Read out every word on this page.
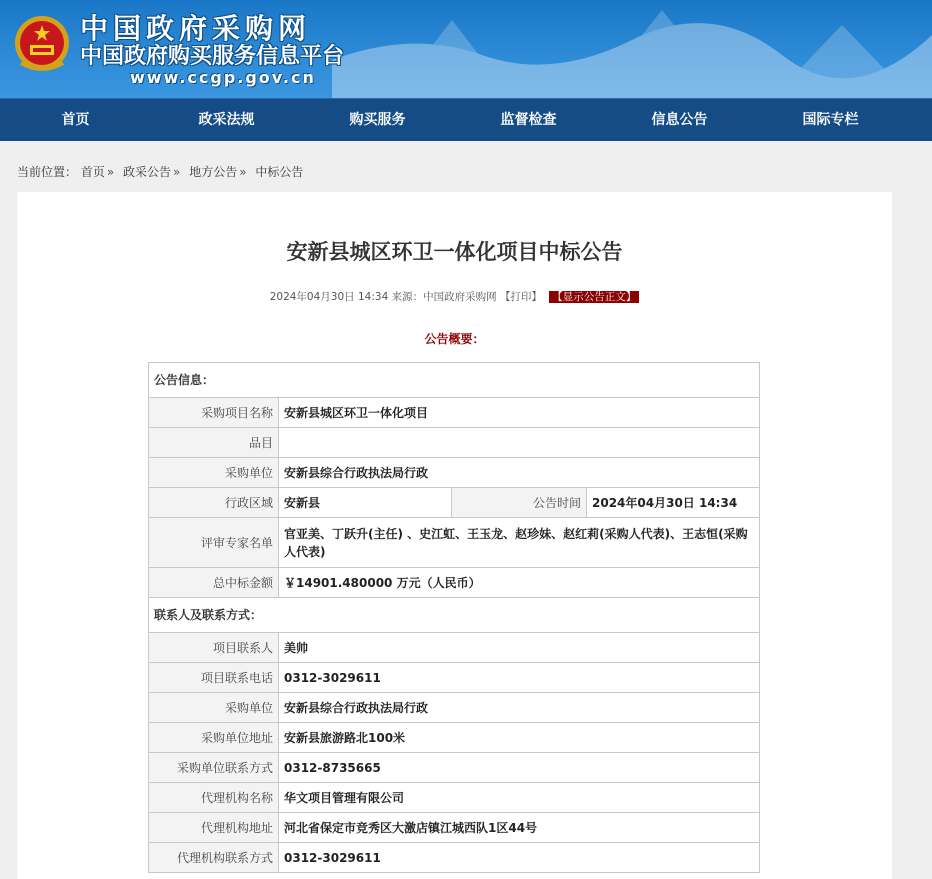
中国政府采购网
中国政府购买服务信息平台
www.ccgp.gov.cn
首页	政采法规	购买服务	监督检查	信息公告	国际专栏
当前位置： 首页 » 政采公告 » 地方公告 » 中标公告
安新县城区环卫一体化项目中标公告
2024年04月30日 14:34 来源：中国政府采购网 【打印】 【显示公告正文】
公告概要：
公告信息：			
采购项目名称	安新县城区环卫一体化项目		
品目			
采购单位	安新县综合行政执法局行政		
行政区域	安新县	公告时间	2024年04月30日 14:34
评审专家名单	官亚美、丁跃升(主任) 、史江虹、王玉龙、赵珍妹、赵红莉(采购人代表)、王志恒(采购人代表)		
总中标金额	￥14901.480000 万元（人民币）		
联系人及联系方式：			
项目联系人	美帅		
项目联系电话	0312-3029611		
采购单位	安新县综合行政执法局行政		
采购单位地址	安新县旅游路北100米		
采购单位联系方式	0312-8735665		
代理机构名称	华文项目管理有限公司		
代理机构地址	河北省保定市竞秀区大激店镇江城西队1区44号		
代理机构联系方式	0312-3029611		
